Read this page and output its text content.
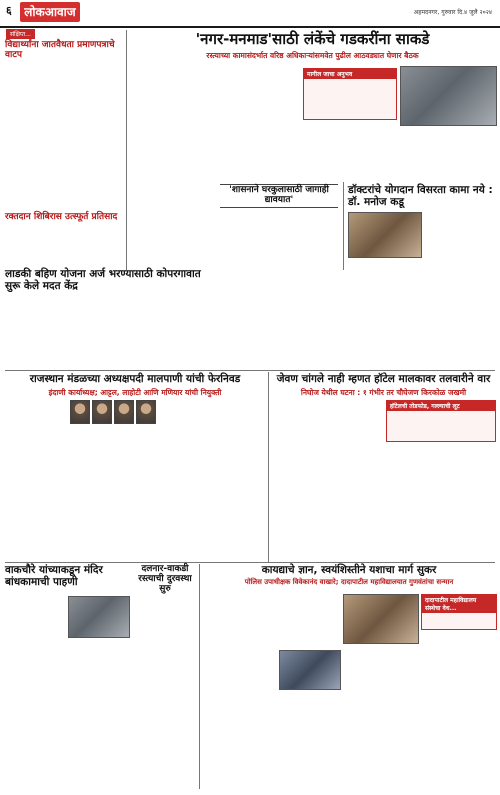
६	लोकआवाज	अहमदनगर, गुरुवार दि.४ जुलै २०२४
संक्षिप्त...
विद्यार्थ्यांना जातवैधता प्रमाणपत्राचे वाटप
रक्तदान शिबिरास उत्स्फूर्त प्रतिसाद
'नगर-मनमाड'साठी लंकेंचे गडकरींना साकडे
रस्त्याच्या कामासंदर्भात वरिष्ठ अधिकाऱ्यांसमवेत पुढील आठवड्यात घेणार बैठक
मागील जाचा अनुभव
डॉक्टरांचे योगदान विसरता कामा नये : डॉ. मनोज कडू
'शासनाने घरकुलासाठी जागाही द्यावयात'
लाडकी बहिण योजना अर्ज भरण्यासाठी कोपरगावात सुरू केले मदत केंद्र
राजस्थान मंडळच्या अध्यक्षपदी मालपाणी यांची फेरनिवड
इंदाणी कार्याध्यक्ष; आट्टल, लाहोटी आणि मणियार यांची नियुक्ती
जेवण चांगले नाही म्हणत हॉटेल मालकावर तलवारीने वार
निघोज येथील घटना : १ गंभीर तर चौघेजण किरकोळ जखमी
हॉटेलची तोडफोड, गल्ल्याची लूट
वाकचौरे यांच्याकडून मंदिर बांधकामाची पाहणी
दलनार-वाकडी रस्त्याची दुरवस्था सुरु
कायद्याचे ज्ञान, स्वयंशिस्तीने यशाचा मार्ग सुकर
पोलिस उपाधीक्षक विवेकानंद वाखारे; दादापाटील महाविद्यालयात गुणवंतांचा सन्मान
दादापाटील महाविद्यालय संस्थेचा वेध...
